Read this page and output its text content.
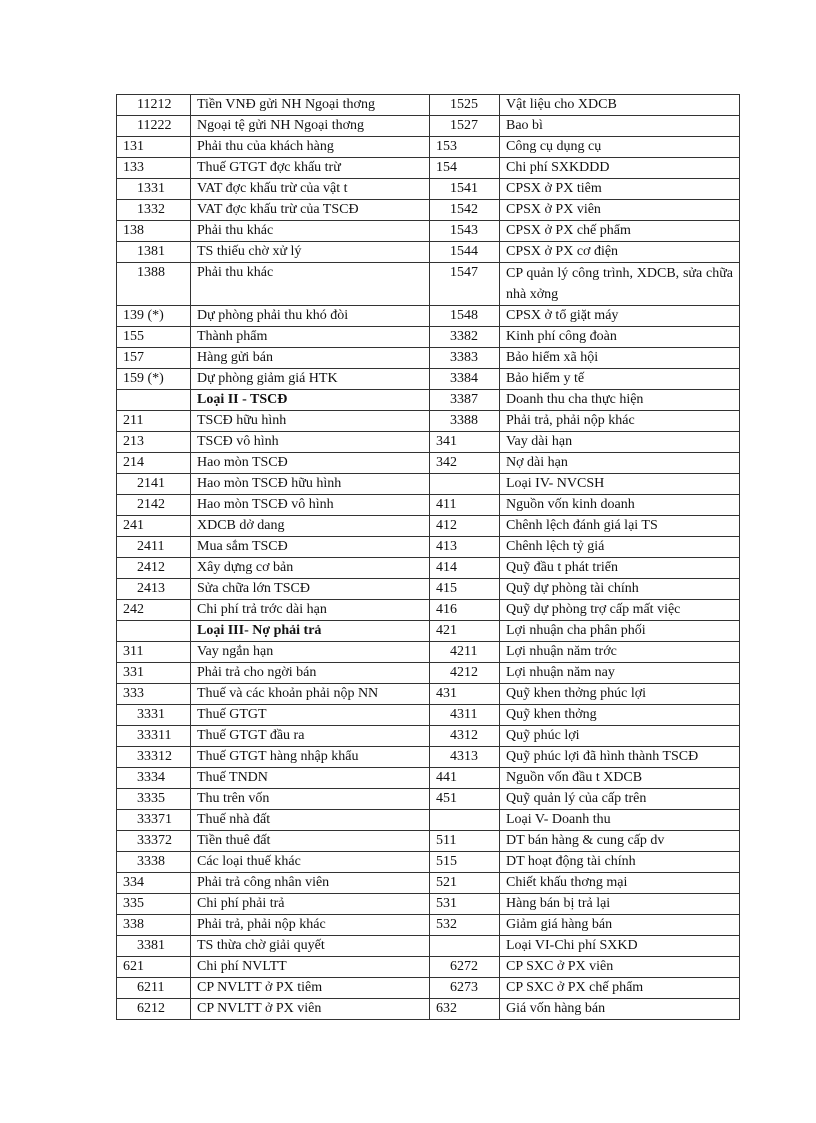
11212	Tiền VNĐ gửi NH Ngoại thơng	1525	Vật liệu cho XDCB
11222	Ngoại tệ gửi NH Ngoại thơng	1527	Bao bì
131	Phải thu của khách hàng	153	Công cụ dụng cụ
133	Thuế GTGT đợc khấu trừ	154	Chi phí SXKDDD
1331	VAT đợc khấu trừ của vật t	1541	CPSX ở PX tiêm
1332	VAT đợc khấu trừ của TSCĐ	1542	CPSX ở PX viên
138	Phải thu khác	1543	CPSX ở PX chế phẩm
1381	TS thiếu chờ xử lý	1544	CPSX ở PX cơ điện
1388	Phải thu khác	1547	CP quản lý công trình, XDCB, sửa chữa nhà xởng
139 (*)	Dự phòng phải thu khó đòi	1548	CPSX ở tổ giặt máy
155	Thành phẩm	3382	Kinh phí công đoàn
157	Hàng gửi bán	3383	Bảo hiểm xã hội
159 (*)	Dự phòng giảm giá HTK	3384	Bảo hiểm y tế
	Loại II - TSCĐ	3387	Doanh thu cha thực hiện
211	TSCĐ hữu hình	3388	Phải trả, phải nộp khác
213	TSCĐ vô hình	341	Vay dài hạn
214	Hao mòn TSCĐ	342	Nợ dài hạn
2141	Hao mòn TSCĐ hữu hình		Loại IV- NVCSH
2142	Hao mòn TSCĐ vô hình	411	Nguồn vốn kinh doanh
241	XDCB dở dang	412	Chênh lệch đánh giá lại TS
2411	Mua sắm TSCĐ	413	Chênh lệch tỷ giá
2412	Xây dựng cơ bản	414	Quỹ đầu t phát triển
2413	Sửa chữa lớn TSCĐ	415	Quỹ dự phòng tài chính
242	Chi phí trả trớc dài hạn	416	Quỹ dự phòng trợ cấp mất việc
	Loại III- Nợ phải trả	421	Lợi nhuận cha phân phối
311	Vay ngắn hạn	4211	Lợi nhuận năm trớc
331	Phải trả cho ngời bán	4212	Lợi nhuận năm nay
333	Thuế và các khoản phải nộp NN	431	Quỹ khen thởng phúc lợi
3331	Thuế GTGT	4311	Quỹ khen thởng
33311	Thuế GTGT đầu ra	4312	Quỹ phúc lợi
33312	Thuế GTGT hàng nhập khẩu	4313	Quỹ phúc lợi đã hình thành TSCĐ
3334	Thuế TNDN	441	Nguồn vốn đầu t XDCB
3335	Thu trên vốn	451	Quỹ quản lý của cấp trên
33371	Thuế nhà đất		Loại V- Doanh thu
33372	Tiền thuê đất	511	DT bán hàng & cung cấp dv
3338	Các loại thuế khác	515	DT hoạt động tài chính
334	Phải trả công nhân viên	521	Chiết khấu thơng mại
335	Chi phí phải trả	531	Hàng bán bị trả lại
338	Phải trả, phải nộp khác	532	Giảm giá hàng bán
3381	TS thừa chờ giải quyết		Loại VI-Chi phí SXKD
621	Chi phí NVLTT	6272	CP SXC ở PX viên
6211	CP NVLTT ở PX tiêm	6273	CP SXC ở PX chế phẩm
6212	CP NVLTT ở PX viên	632	Giá vốn hàng bán
